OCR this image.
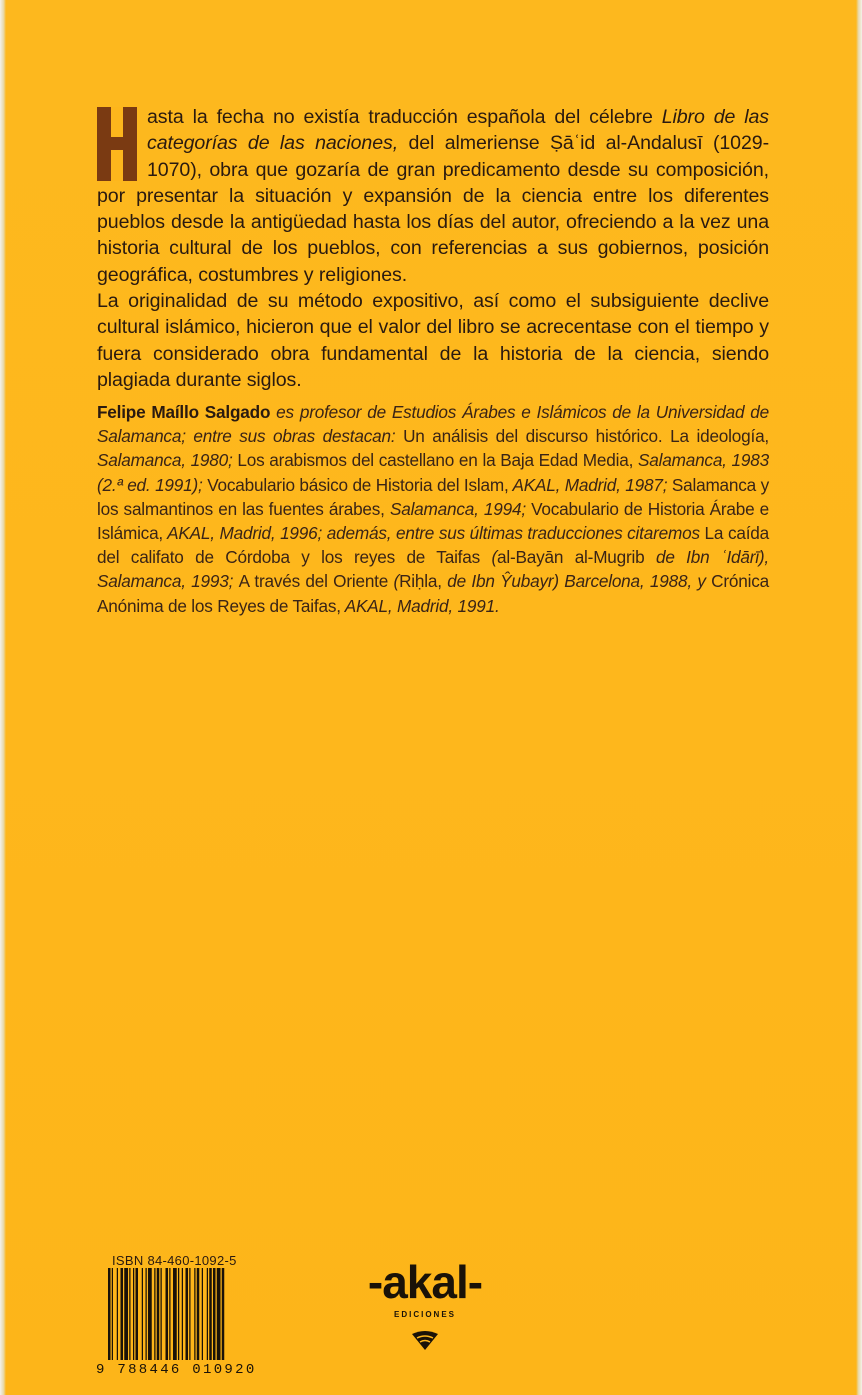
asta la fecha no existía traducción española del célebre Libro de las categorías de las naciones, del almeriense Ṣāʿid al-Andalusī (1029-1070), obra que gozaría de gran predicamento desde su composición, por presentar la situación y expansión de la ciencia entre los diferentes pueblos desde la antigüedad hasta los días del autor, ofreciendo a la vez una historia cultural de los pueblos, con referencias a sus gobiernos, posición geográfica, costumbres y religiones.

La originalidad de su método expositivo, así como el subsiguiente declive cultural islámico, hicieron que el valor del libro se acrecentase con el tiempo y fuera considerado obra fundamental de la historia de la ciencia, siendo plagiada durante siglos.

Felipe Maíllo Salgado es profesor de Estudios Árabes e Islámicos de la Universidad de Salamanca; entre sus obras destacan: Un análisis del discurso histórico. La ideología, Salamanca, 1980; Los arabismos del castellano en la Baja Edad Media, Salamanca, 1983 (2.ª ed. 1991); Vocabulario básico de Historia del Islam, AKAL, Madrid, 1987; Salamanca y los salmantinos en las fuentes árabes, Salamanca, 1994; Vocabulario de Historia Árabe e Islámica, AKAL, Madrid, 1996; además, entre sus últimas traducciones citaremos La caída del califato de Córdoba y los reyes de Taifas (al-Bayān al-Mugrib de Ibn ʿIdārī), Salamanca, 1993; A través del Oriente (Riḥla, de Ibn Ŷubayr) Barcelona, 1988, y Crónica Anónima de los Reyes de Taifas, AKAL, Madrid, 1991.

ISBN 84-460-1092-5
9 788446 010920
-akal-
EDICIONES
